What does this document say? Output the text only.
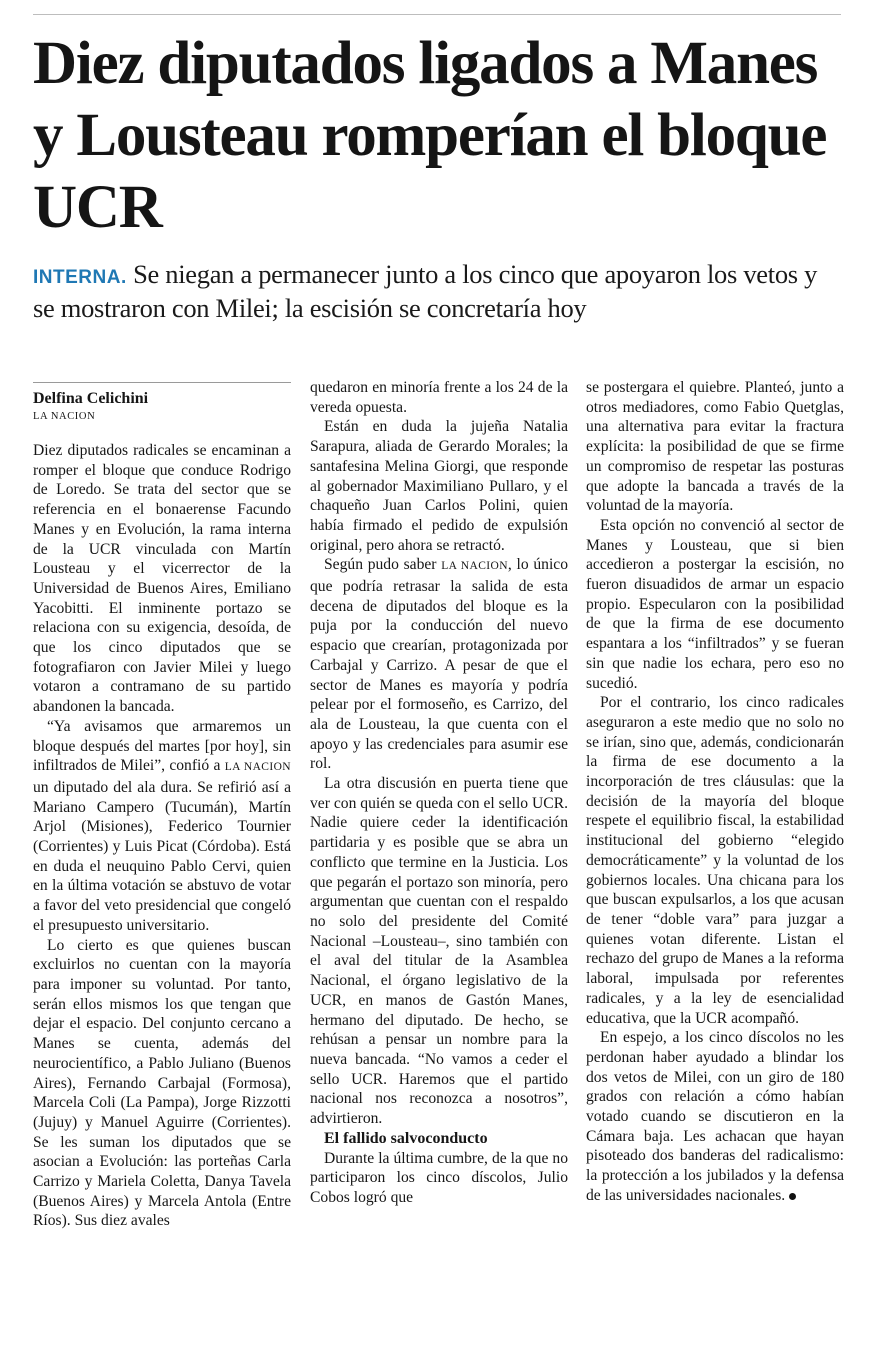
Diez diputados ligados a Manes y Lousteau romperían el bloque UCR
INTERNA. Se niegan a permanecer junto a los cinco que apoyaron los vetos y se mostraron con Milei; la escisión se concretaría hoy
Delfina Celichini
LA NACION

Diez diputados radicales se encaminan a romper el bloque que conduce Rodrigo de Loredo. Se trata del sector que se referencia en el bonaerense Facundo Manes y en Evolución, la rama interna de la UCR vinculada con Martín Lousteau y el vicerrector de la Universidad de Buenos Aires, Emiliano Yacobitti. El inminente portazo se relaciona con su exigencia, desoída, de que los cinco diputados que se fotografiaron con Javier Milei y luego votaron a contramano de su partido abandonen la bancada.

“Ya avisamos que armaremos un bloque después del martes [por hoy], sin infiltrados de Milei”, confió a LA NACION un diputado del ala dura. Se refirió así a Mariano Campero (Tucumán), Martín Arjol (Misiones), Federico Tournier (Corrientes) y Luis Picat (Córdoba). Está en duda el neuquino Pablo Cervi, quien en la última votación se abstuvo de votar a favor del veto presidencial que congeló el presupuesto universitario.

Lo cierto es que quienes buscan excluirlos no cuentan con la mayoría para imponer su voluntad. Por tanto, serán ellos mismos los que tengan que dejar el espacio. Del conjunto cercano a Manes se cuenta, además del neurocientífico, a Pablo Juliano (Buenos Aires), Fernando Carbajal (Formosa), Marcela Coli (La Pampa), Jorge Rizzotti (Jujuy) y Manuel Aguirre (Corrientes). Se les suman los diputados que se asocian a Evolución: las porteñas Carla Carrizo y Mariela Coletta, Danya Tavela (Buenos Aires) y Marcela Antola (Entre Ríos). Sus diez avales

quedaron en minoría frente a los 24 de la vereda opuesta.

Están en duda la jujeña Natalia Sarapura, aliada de Gerardo Morales; la santafesina Melina Giorgi, que responde al gobernador Maximiliano Pullaro, y el chaqueño Juan Carlos Polini, quien había firmado el pedido de expulsión original, pero ahora se retractó.

Según pudo saber LA NACION, lo único que podría retrasar la salida de esta decena de diputados del bloque es la puja por la conducción del nuevo espacio que crearían, protagonizada por Carbajal y Carrizo. A pesar de que el sector de Manes es mayoría y podría pelear por el formoseño, es Carrizo, del ala de Lousteau, la que cuenta con el apoyo y las credenciales para asumir ese rol.

La otra discusión en puerta tiene que ver con quién se queda con el sello UCR. Nadie quiere ceder la identificación partidaria y es posible que se abra un conflicto que termine en la Justicia. Los que pegarán el portazo son minoría, pero argumentan que cuentan con el respaldo no solo del presidente del Comité Nacional –Lousteau–, sino también con el aval del titular de la Asamblea Nacional, el órgano legislativo de la UCR, en manos de Gastón Manes, hermano del diputado. De hecho, se rehúsan a pensar un nombre para la nueva bancada. “No vamos a ceder el sello UCR. Haremos que el partido nacional nos reconozca a nosotros”, advirtieron.

El fallido salvoconducto

Durante la última cumbre, de la que no participaron los cinco díscolos, Julio Cobos logró que

se postergara el quiebre. Planteó, junto a otros mediadores, como Fabio Quetglas, una alternativa para evitar la fractura explícita: la posibilidad de que se firme un compromiso de respetar las posturas que adopte la bancada a través de la voluntad de la mayoría.

Esta opción no convenció al sector de Manes y Lousteau, que si bien accedieron a postergar la escisión, no fueron disuadidos de armar un espacio propio. Especularon con la posibilidad de que la firma de ese documento espantara a los “infiltrados” y se fueran sin que nadie los echara, pero eso no sucedió.

Por el contrario, los cinco radicales aseguraron a este medio que no solo no se irían, sino que, además, condicionarán la firma de ese documento a la incorporación de tres cláusulas: que la decisión de la mayoría del bloque respete el equilibrio fiscal, la estabilidad institucional del gobierno “elegido democráticamente” y la voluntad de los gobiernos locales. Una chicana para los que buscan expulsarlos, a los que acusan de tener “doble vara” para juzgar a quienes votan diferente. Listan el rechazo del grupo de Manes a la reforma laboral, impulsada por referentes radicales, y a la ley de esencialidad educativa, que la UCR acompañó.

En espejo, a los cinco díscolos no les perdonan haber ayudado a blindar los dos vetos de Milei, con un giro de 180 grados con relación a cómo habían votado cuando se discutieron en la Cámara baja. Les achacan que hayan pisoteado dos banderas del radicalismo: la protección a los jubilados y la defensa de las universidades nacionales.
